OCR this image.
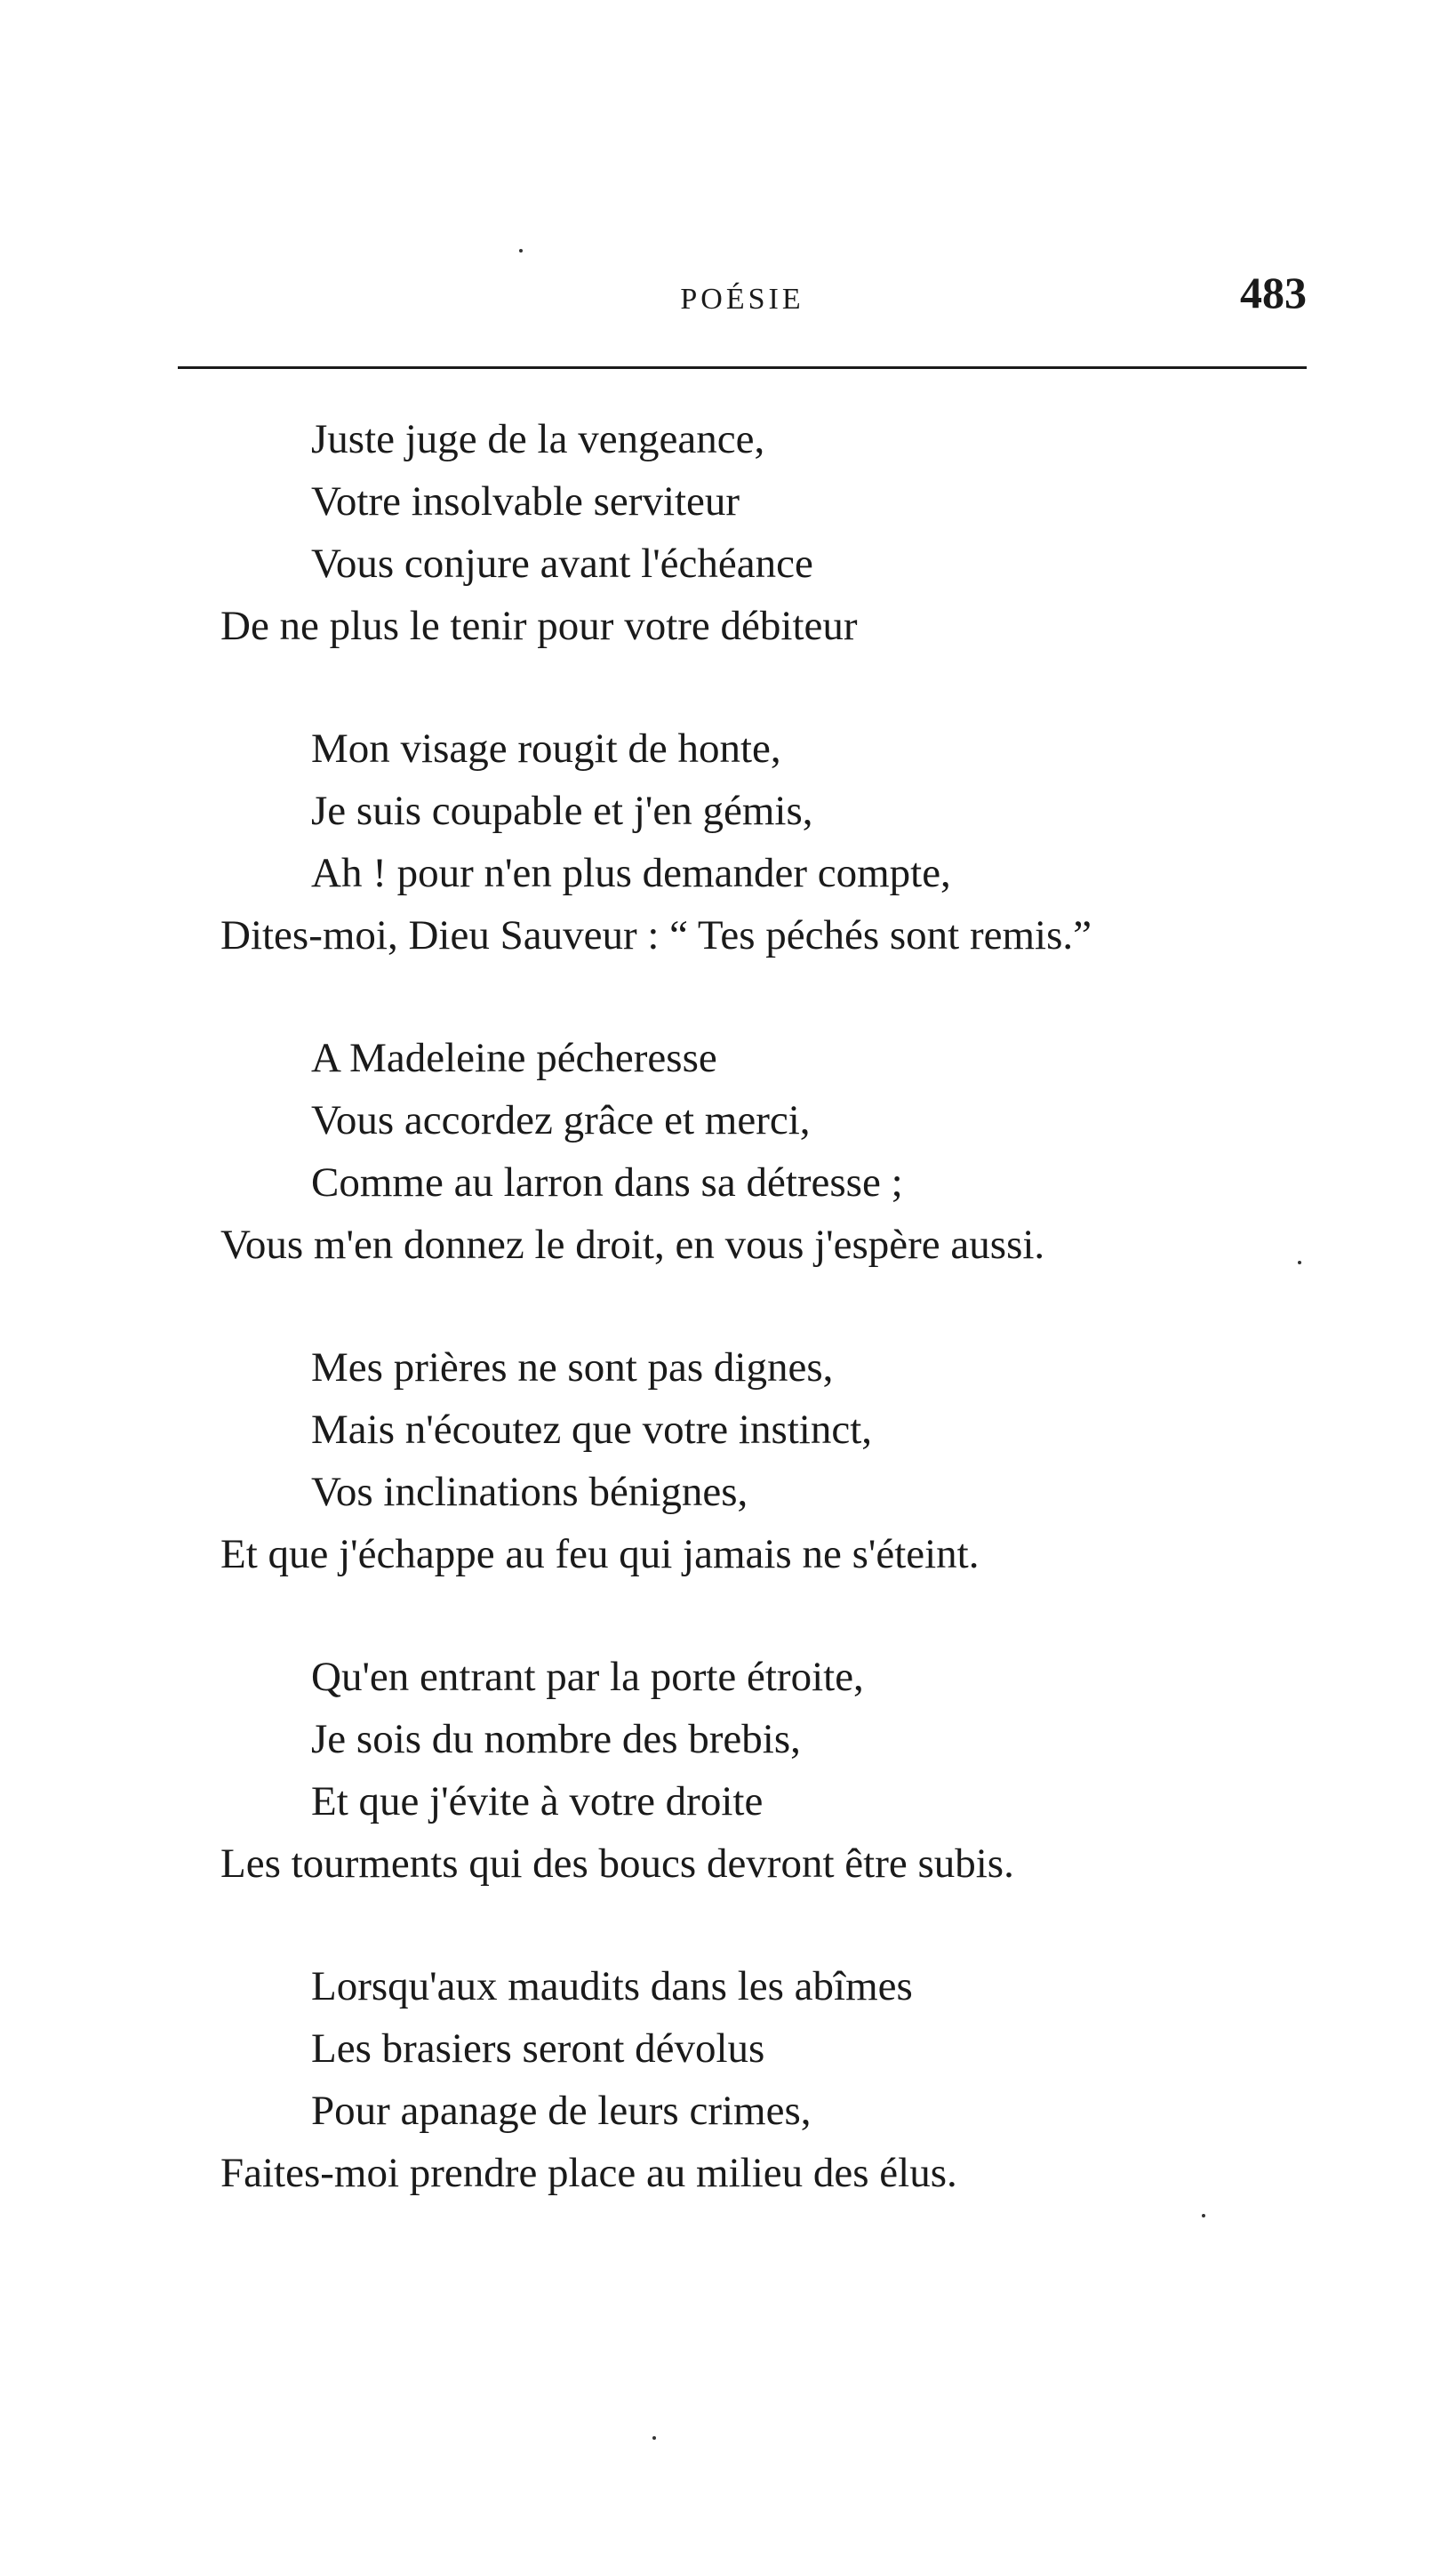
POÉSIE	483
Juste juge de la vengeance,
Votre insolvable serviteur
Vous conjure avant l'échéance
De ne plus le tenir pour votre débiteur
Mon visage rougit de honte,
Je suis coupable et j'en gémis,
Ah ! pour n'en plus demander compte,
Dites-moi, Dieu Sauveur : “ Tes péchés sont remis.”
A Madeleine pécheresse
Vous accordez grâce et merci,
Comme au larron dans sa détresse ;
Vous m'en donnez le droit, en vous j'espère aussi.
Mes prières ne sont pas dignes,
Mais n'écoutez que votre instinct,
Vos inclinations bénignes,
Et que j'échappe au feu qui jamais ne s'éteint.
Qu'en entrant par la porte étroite,
Je sois du nombre des brebis,
Et que j'évite à votre droite
Les tourments qui des boucs devront être subis.
Lorsqu'aux maudits dans les abîmes
Les brasiers seront dévolus
Pour apanage de leurs crimes,
Faites-moi prendre place au milieu des élus.
